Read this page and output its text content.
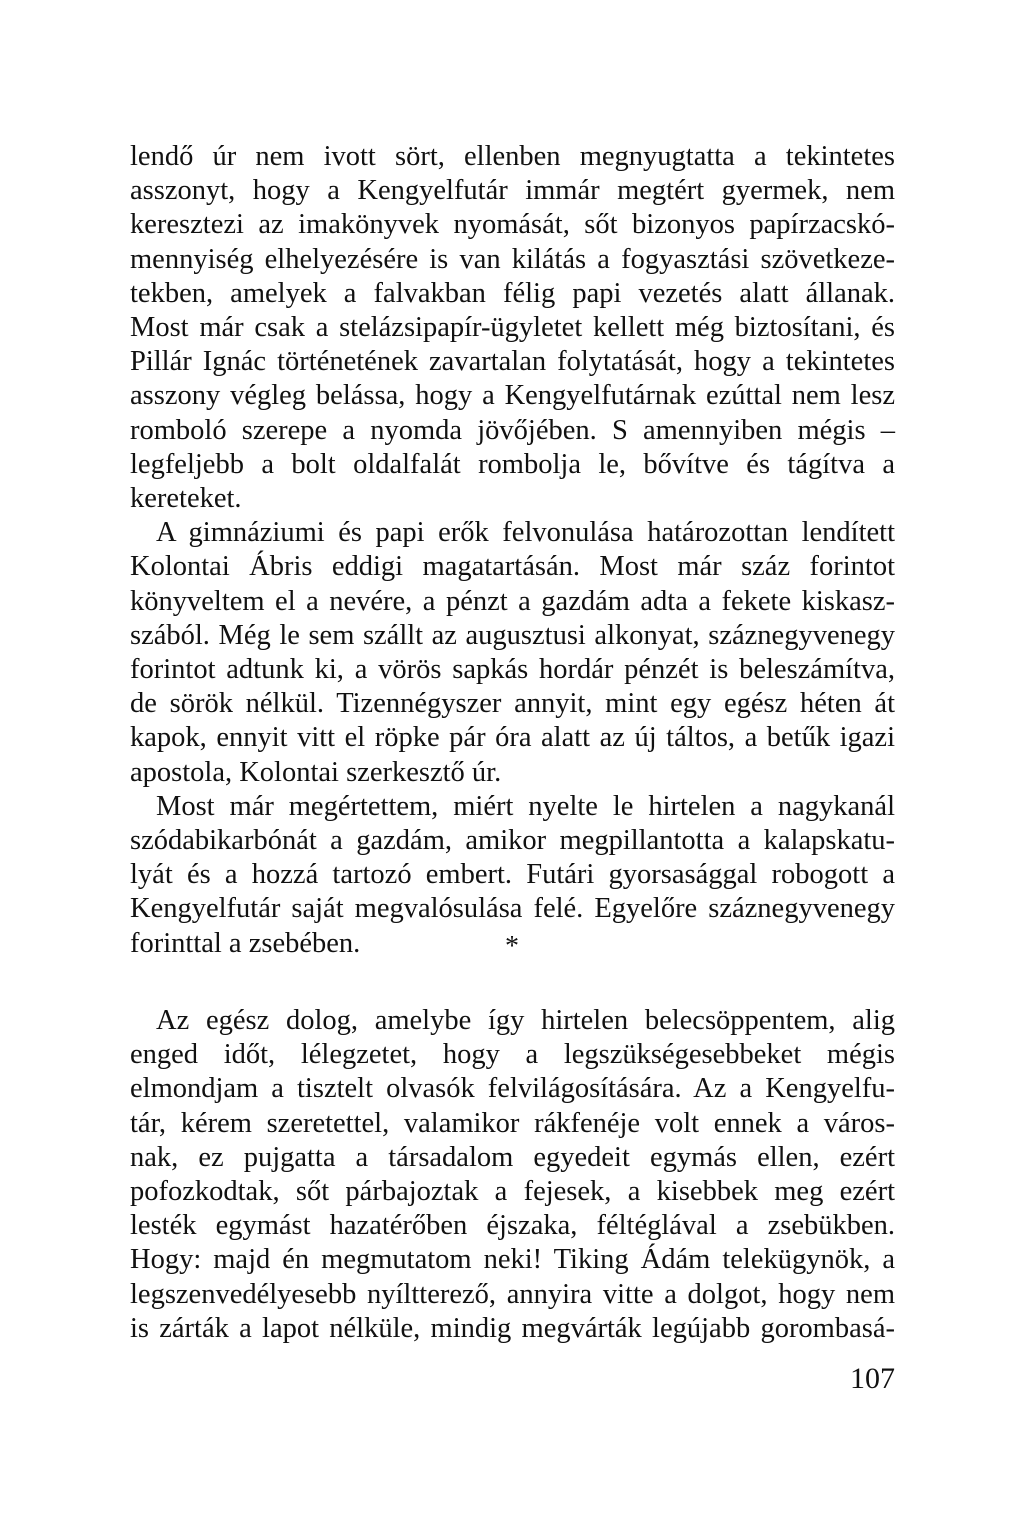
lendő úr nem ivott sört, ellenben megnyugtatta a tekintetes
asszonyt, hogy a Kengyelfutár immár megtért gyermek, nem
keresztezi az imakönyvek nyomását, sőt bizonyos papírzacskó-
mennyiség elhelyezésére is van kilátás a fogyasztási szövetkeze-
tekben, amelyek a falvakban félig papi vezetés alatt állanak.
Most már csak a stelázsipapír-ügyletet kellett még biztosítani, és
Pillár Ignác történetének zavartalan folytatását, hogy a tekintetes
asszony végleg belássa, hogy a Kengyelfutárnak ezúttal nem lesz
romboló szerepe a nyomda jövőjében. S amennyiben mégis –
legfeljebb a bolt oldalfalát rombolja le, bővítve és tágítva a
kereteket.
A gimnáziumi és papi erők felvonulása határozottan lendített
Kolontai Ábris eddigi magatartásán. Most már száz forintot
könyveltem el a nevére, a pénzt a gazdám adta a fekete kiskasz-
szából. Még le sem szállt az augusztusi alkonyat, száznegyvenegy
forintot adtunk ki, a vörös sapkás hordár pénzét is beleszámítva,
de sörök nélkül. Tizennégyszer annyit, mint egy egész héten át
kapok, ennyit vitt el röpke pár óra alatt az új táltos, a betűk igazi
apostola, Kolontai szerkesztő úr.
Most már megértettem, miért nyelte le hirtelen a nagykanál
szódabikarbónát a gazdám, amikor megpillantotta a kalapskatu-
lyát és a hozzá tartozó embert. Futári gyorsasággal robogott a
Kengyelfutár saját megvalósulása felé. Egyelőre száznegyvenegy
forinttal a zsebében.	*
Az egész dolog, amelybe így hirtelen belecsöppentem, alig
enged időt, lélegzetet, hogy a legszükségesebbeket mégis
elmondjam a tisztelt olvasók felvilágosítására. Az a Kengyelfu-
tár, kérem szeretettel, valamikor rákfenéje volt ennek a város-
nak, ez pujgatta a társadalom egyedeit egymás ellen, ezért
pofozkodtak, sőt párbajoztak a fejesek, a kisebbek meg ezért
lesték egymást hazatérőben éjszaka, féltéglával a zsebükben.
Hogy: majd én megmutatom neki! Tiking Ádám telekügynök, a
legszenvedélyesebb nyíltterező, annyira vitte a dolgot, hogy nem
is zárták a lapot nélküle, mindig megvárták legújabb gorombasá-
107
